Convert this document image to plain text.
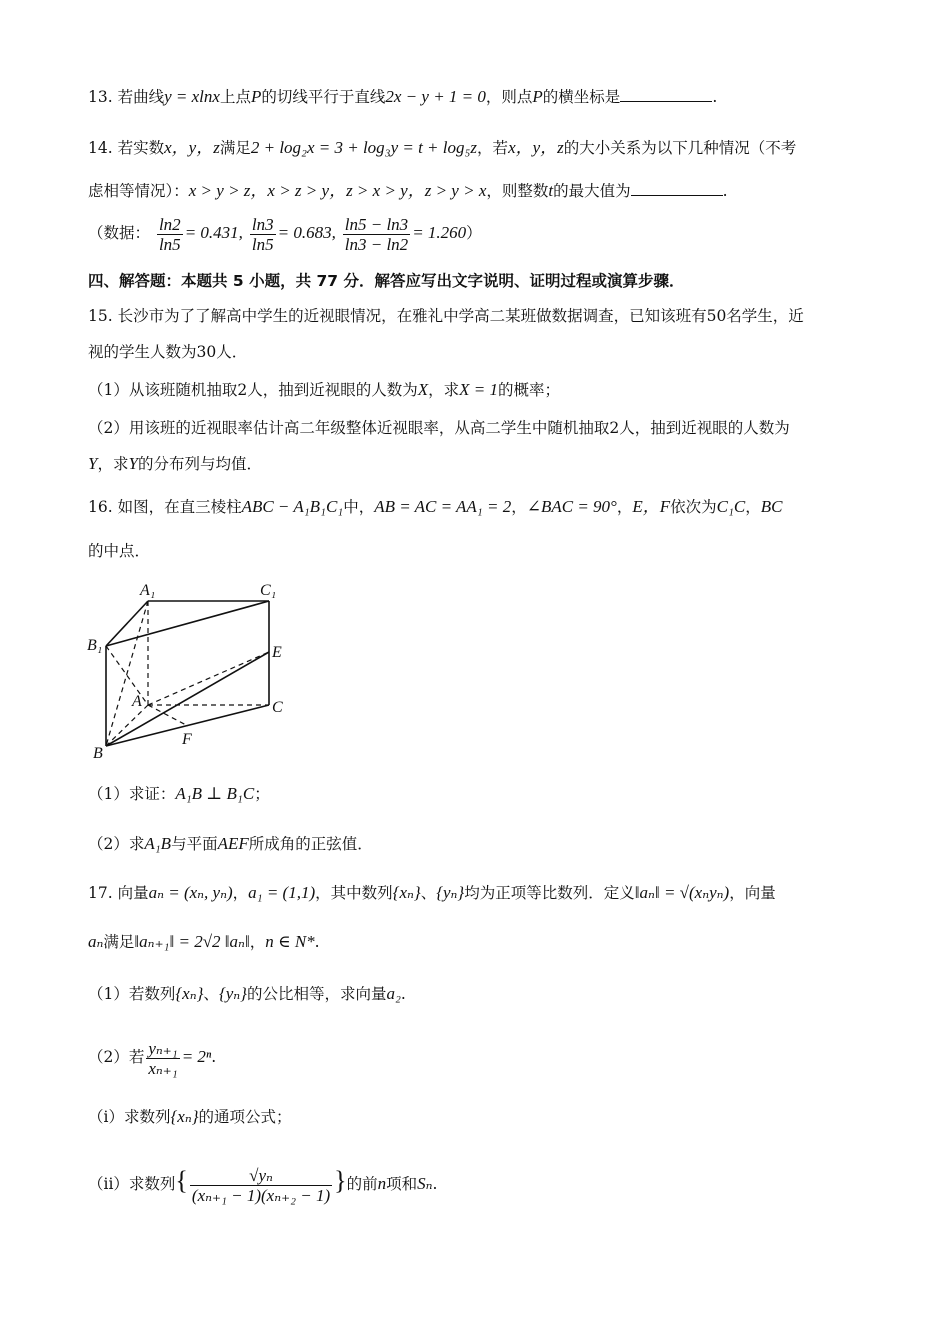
13. 若曲线y = xlnx上点P的切线平行于直线2x − y + 1 = 0，则点P的横坐标是	.
14. 若实数x，y，z满足2 + log₂x = 3 + log₃y = t + log₅z，若x，y，z的大小关系为以下几种情况（不考
虑相等情况）：x > y > z，x > z > y，z > x > y，z > y > x，则整数t的最大值为	.
（数据： $\frac{\ln 2}{\ln 5} = 0.431$, $\frac{\ln 3}{\ln 5} = 0.683$, $\frac{\ln 5 - \ln 3}{\ln 3 - \ln 2} = 1.260$）
四、解答题：本题共 5 小题，共 77 分．解答应写出文字说明、证明过程或演算步骤．
15. 长沙市为了了解高中学生的近视眼情况，在雅礼中学高二某班做数据调查，已知该班有50名学生，近
视的学生人数为30人．
（1）从该班随机抽取2人，抽到近视眼的人数为X，求X = 1的概率；
（2）用该班的近视眼率估计高二年级整体近视眼率，从高二学生中随机抽取2人，抽到近视眼的人数为
Y，求Y的分布列与均值．
16. 如图，在直三棱柱ABC − A₁B₁C₁中，AB = AC = AA₁ = 2，∠BAC = 90°，E，F依次为C₁C，BC
的中点．
A₁	C₁
B₁	E
A	C
F
B
（1）求证：A₁B ⊥ B₁C；
（2）求A₁B与平面AEF所成角的正弦值．
17. 向量aₙ = (xₙ, yₙ)，a₁ = (1,1)，其中数列{xₙ}、{yₙ}均为正项等比数列．定义‖aₙ‖ = √(xₙyₙ)，向量
aₙ满足‖aₙ₊₁‖ = 2√2 ‖aₙ‖，n ∈ N*.
（1）若数列{xₙ}、{yₙ}的公比相等，求向量a₂.
（2）若 $\frac{\text{yₙ₊₁}}{\text{xₙ₊₁}} = 2^n$.
（i）求数列{xₙ}的通项公式；
（ii）求数列{ $\frac{\text{√yₙ}}{\text{(xₙ₊₁ − 1)(xₙ₊₂ − 1)}}$ }的前n项和Sₙ.
